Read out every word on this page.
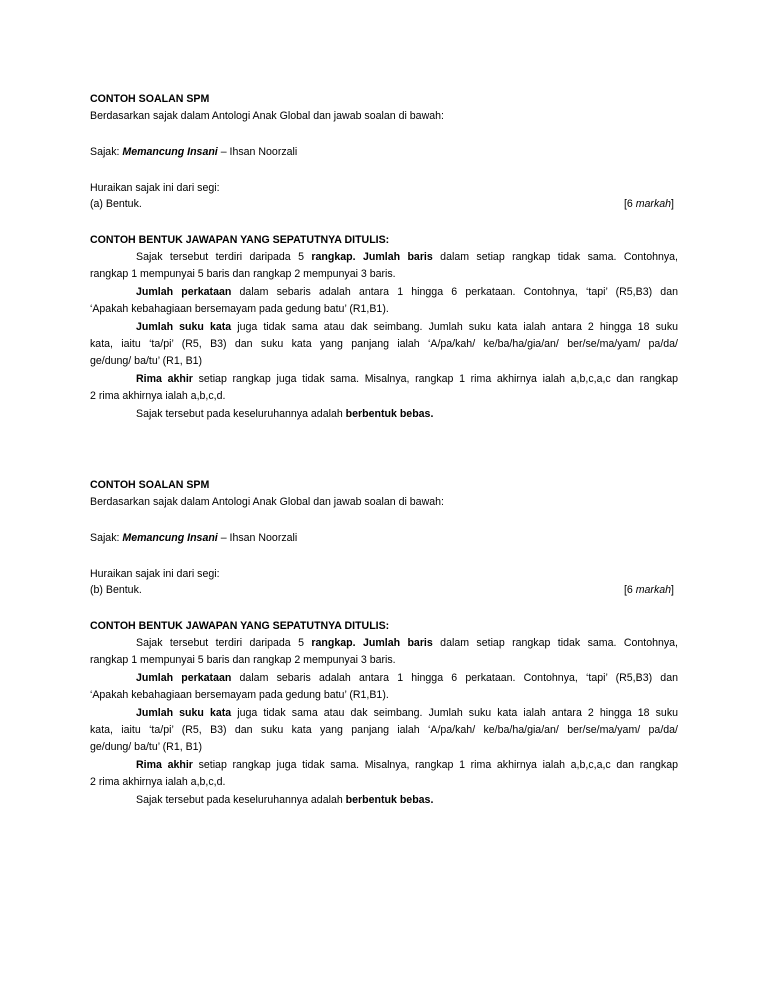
CONTOH SOALAN SPM
Berdasarkan sajak dalam Antologi Anak Global dan jawab soalan di bawah:
Sajak: Memancung Insani – Ihsan Noorzali
Huraikan sajak ini dari segi:
(a) Bentuk.	[6 markah]
CONTOH BENTUK JAWAPAN YANG SEPATUTNYA DITULIS:
Sajak tersebut terdiri daripada 5 rangkap. Jumlah baris dalam setiap rangkap tidak sama. Contohnya,
rangkap 1 mempunyai 5 baris dan rangkap 2 mempunyai 3 baris.
Jumlah perkataan dalam sebaris adalah antara 1 hingga 6 perkataan. Contohnya, ‘tapi’ (R5,B3) dan
‘Apakah kebahagiaan bersemayam pada gedung batu’ (R1,B1).
Jumlah suku kata juga tidak sama atau dak seimbang. Jumlah suku kata ialah antara 2 hingga 18 suku
kata, iaitu ‘ta/pi’ (R5, B3) dan suku kata yang panjang ialah ‘A/pa/kah/ ke/ba/ha/gia/an/ ber/se/ma/yam/ pa/da/
ge/dung/ ba/tu’ (R1, B1)
Rima akhir setiap rangkap juga tidak sama. Misalnya, rangkap 1 rima akhirnya ialah a,b,c,a,c dan rangkap
2 rima akhirnya ialah a,b,c,d.
Sajak tersebut pada keseluruhannya adalah berbentuk bebas.
CONTOH SOALAN SPM
Berdasarkan sajak dalam Antologi Anak Global dan jawab soalan di bawah:
Sajak: Memancung Insani – Ihsan Noorzali
Huraikan sajak ini dari segi:
(b) Bentuk.	[6 markah]
CONTOH BENTUK JAWAPAN YANG SEPATUTNYA DITULIS:
Sajak tersebut terdiri daripada 5 rangkap. Jumlah baris dalam setiap rangkap tidak sama. Contohnya,
rangkap 1 mempunyai 5 baris dan rangkap 2 mempunyai 3 baris.
Jumlah perkataan dalam sebaris adalah antara 1 hingga 6 perkataan. Contohnya, ‘tapi’ (R5,B3) dan
‘Apakah kebahagiaan bersemayam pada gedung batu’ (R1,B1).
Jumlah suku kata juga tidak sama atau dak seimbang. Jumlah suku kata ialah antara 2 hingga 18 suku
kata, iaitu ‘ta/pi’ (R5, B3) dan suku kata yang panjang ialah ‘A/pa/kah/ ke/ba/ha/gia/an/ ber/se/ma/yam/ pa/da/
ge/dung/ ba/tu’ (R1, B1)
Rima akhir setiap rangkap juga tidak sama. Misalnya, rangkap 1 rima akhirnya ialah a,b,c,a,c dan rangkap
2 rima akhirnya ialah a,b,c,d.
Sajak tersebut pada keseluruhannya adalah berbentuk bebas.
